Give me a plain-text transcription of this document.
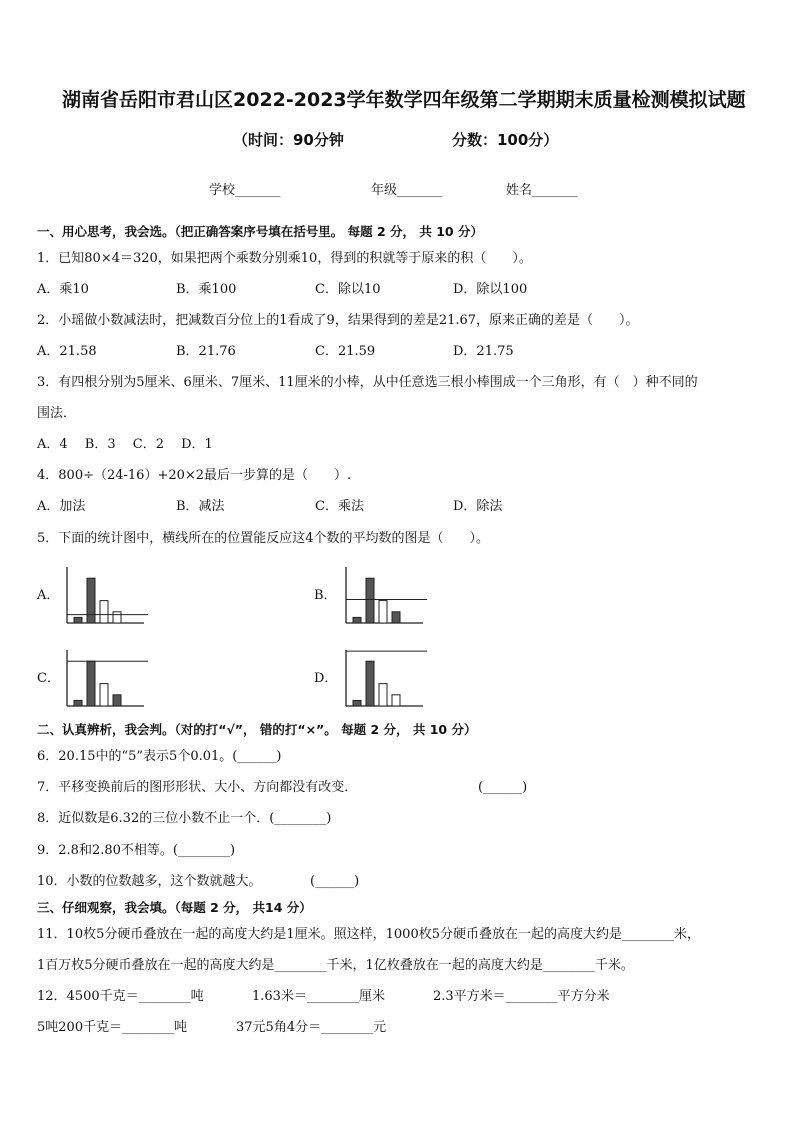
湖南省岳阳市君山区2022-2023学年数学四年级第二学期期末质量检测模拟试题
（时间：90分钟	分数：100分）
学校_______	年级_______	姓名_______
一、用心思考，我会选。（把正确答案序号填在括号里。 每题 2 分， 共 10 分）
1．已知80×4＝320，如果把两个乘数分别乘10，得到的积就等于原来的积（　　）。
A．乘10	B．乘100	C．除以10	D．除以100
2．小瑶做小数减法时，把减数百分位上的1看成了9，结果得到的差是21.67，原来正确的差是（　　）。
A．21.58	B．21.76	C．21.59	D．21.75
3．有四根分别为5厘米、6厘米、7厘米、11厘米的小棒，从中任意选三根小棒围成一个三角形，有（　）种不同的
围法．
A．4　 B．3　 C．2　 D．1
4．800÷（24-16）+20×2最后一步算的是（　　）.
A．加法	B．减法	C．乘法	D．除法
5．下面的统计图中，横线所在的位置能反应这4个数的平均数的图是（　　）。
A．	B．
C．	D．
二、认真辨析，我会判。（对的打“√”， 错的打“×”。 每题 2 分， 共 10 分）
6．20.15中的“5”表示5个0.01。(______)
7．平移变换前后的图形形状、大小、方向都没有改变．	(______)
8．近似数是6.32的三位小数不止一个．(________)
9．2.8和2.80不相等。(________)
10．小数的位数越多，这个数就越大。	(______)
三、仔细观察，我会填。（每题 2 分， 共14 分）
11．10枚5分硬币叠放在一起的高度大约是1厘米。照这样，1000枚5分硬币叠放在一起的高度大约是________米，
1百万枚5分硬币叠放在一起的高度大约是________千米，1亿枚叠放在一起的高度大约是________千米。
12．4500千克＝________吨	1.63米＝________厘米	2.3平方米＝________平方分米
5吨200千克＝________吨	37元5角4分＝________元
